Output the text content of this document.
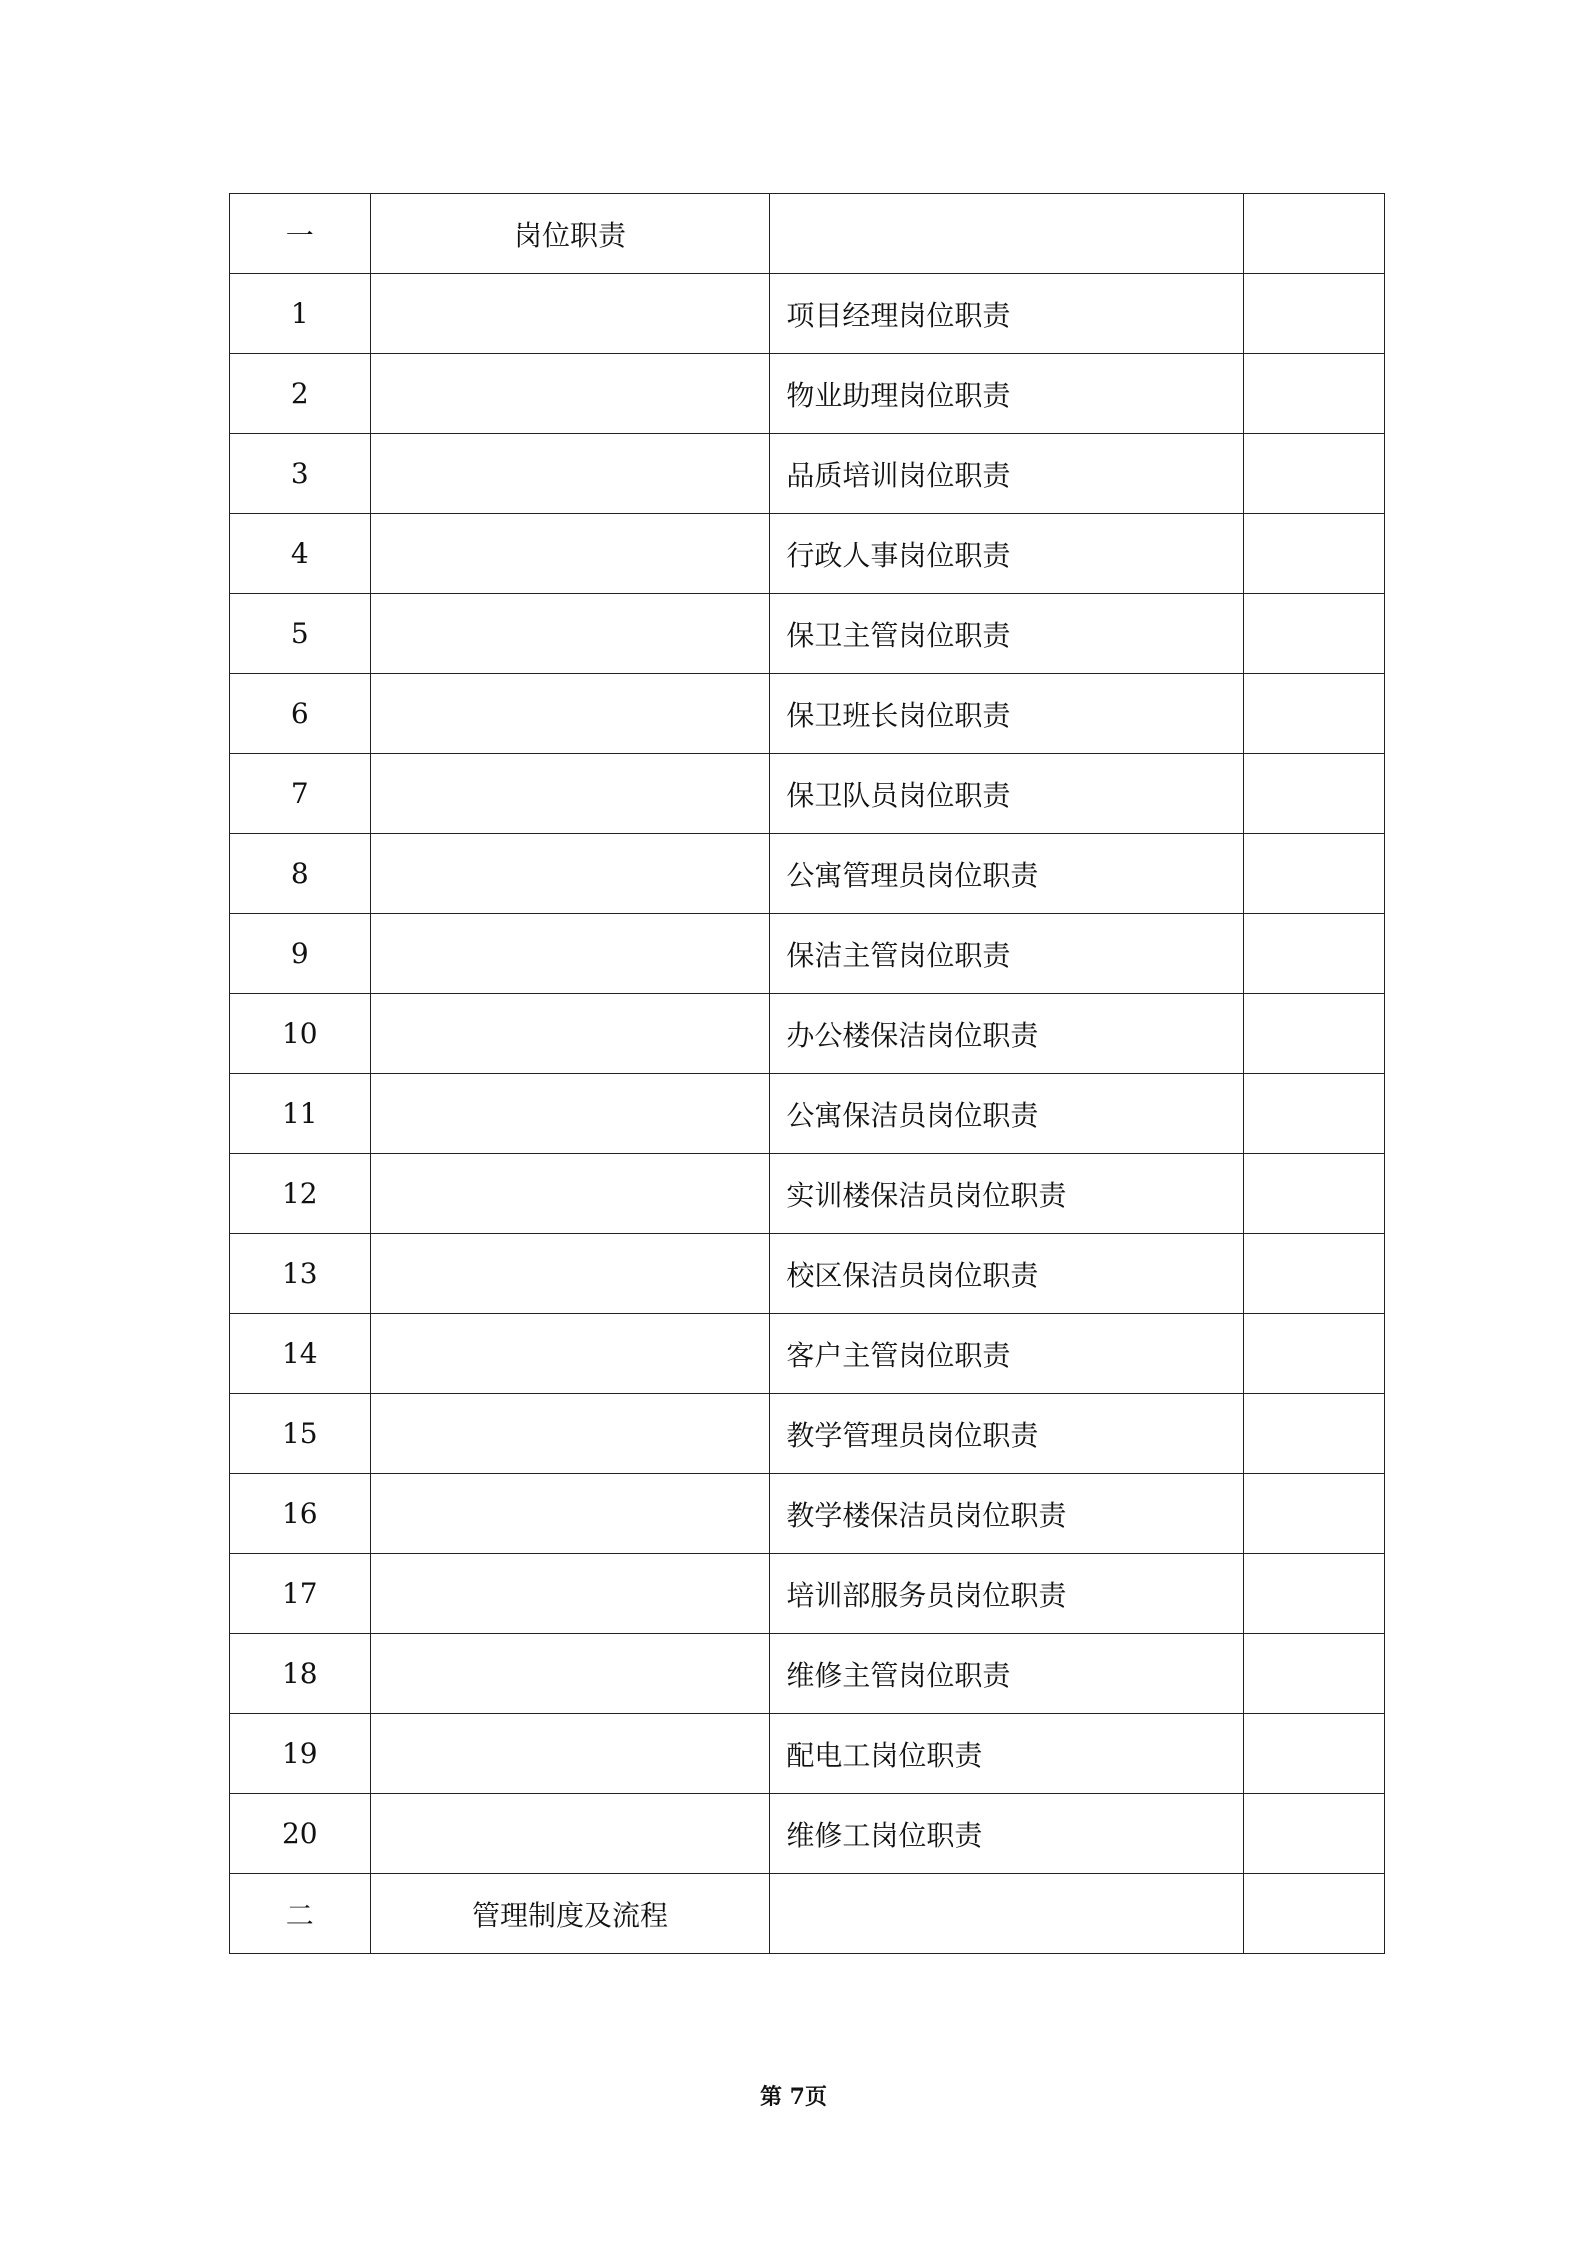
一	岗位职责		
1		项目经理岗位职责	
2		物业助理岗位职责	
3		品质培训岗位职责	
4		行政人事岗位职责	
5		保卫主管岗位职责	
6		保卫班长岗位职责	
7		保卫队员岗位职责	
8		公寓管理员岗位职责	
9		保洁主管岗位职责	
10		办公楼保洁岗位职责	
11		公寓保洁员岗位职责	
12		实训楼保洁员岗位职责	
13		校区保洁员岗位职责	
14		客户主管岗位职责	
15		教学管理员岗位职责	
16		教学楼保洁员岗位职责	
17		培训部服务员岗位职责	
18		维修主管岗位职责	
19		配电工岗位职责	
20		维修工岗位职责	
二	管理制度及流程		
第 7页
